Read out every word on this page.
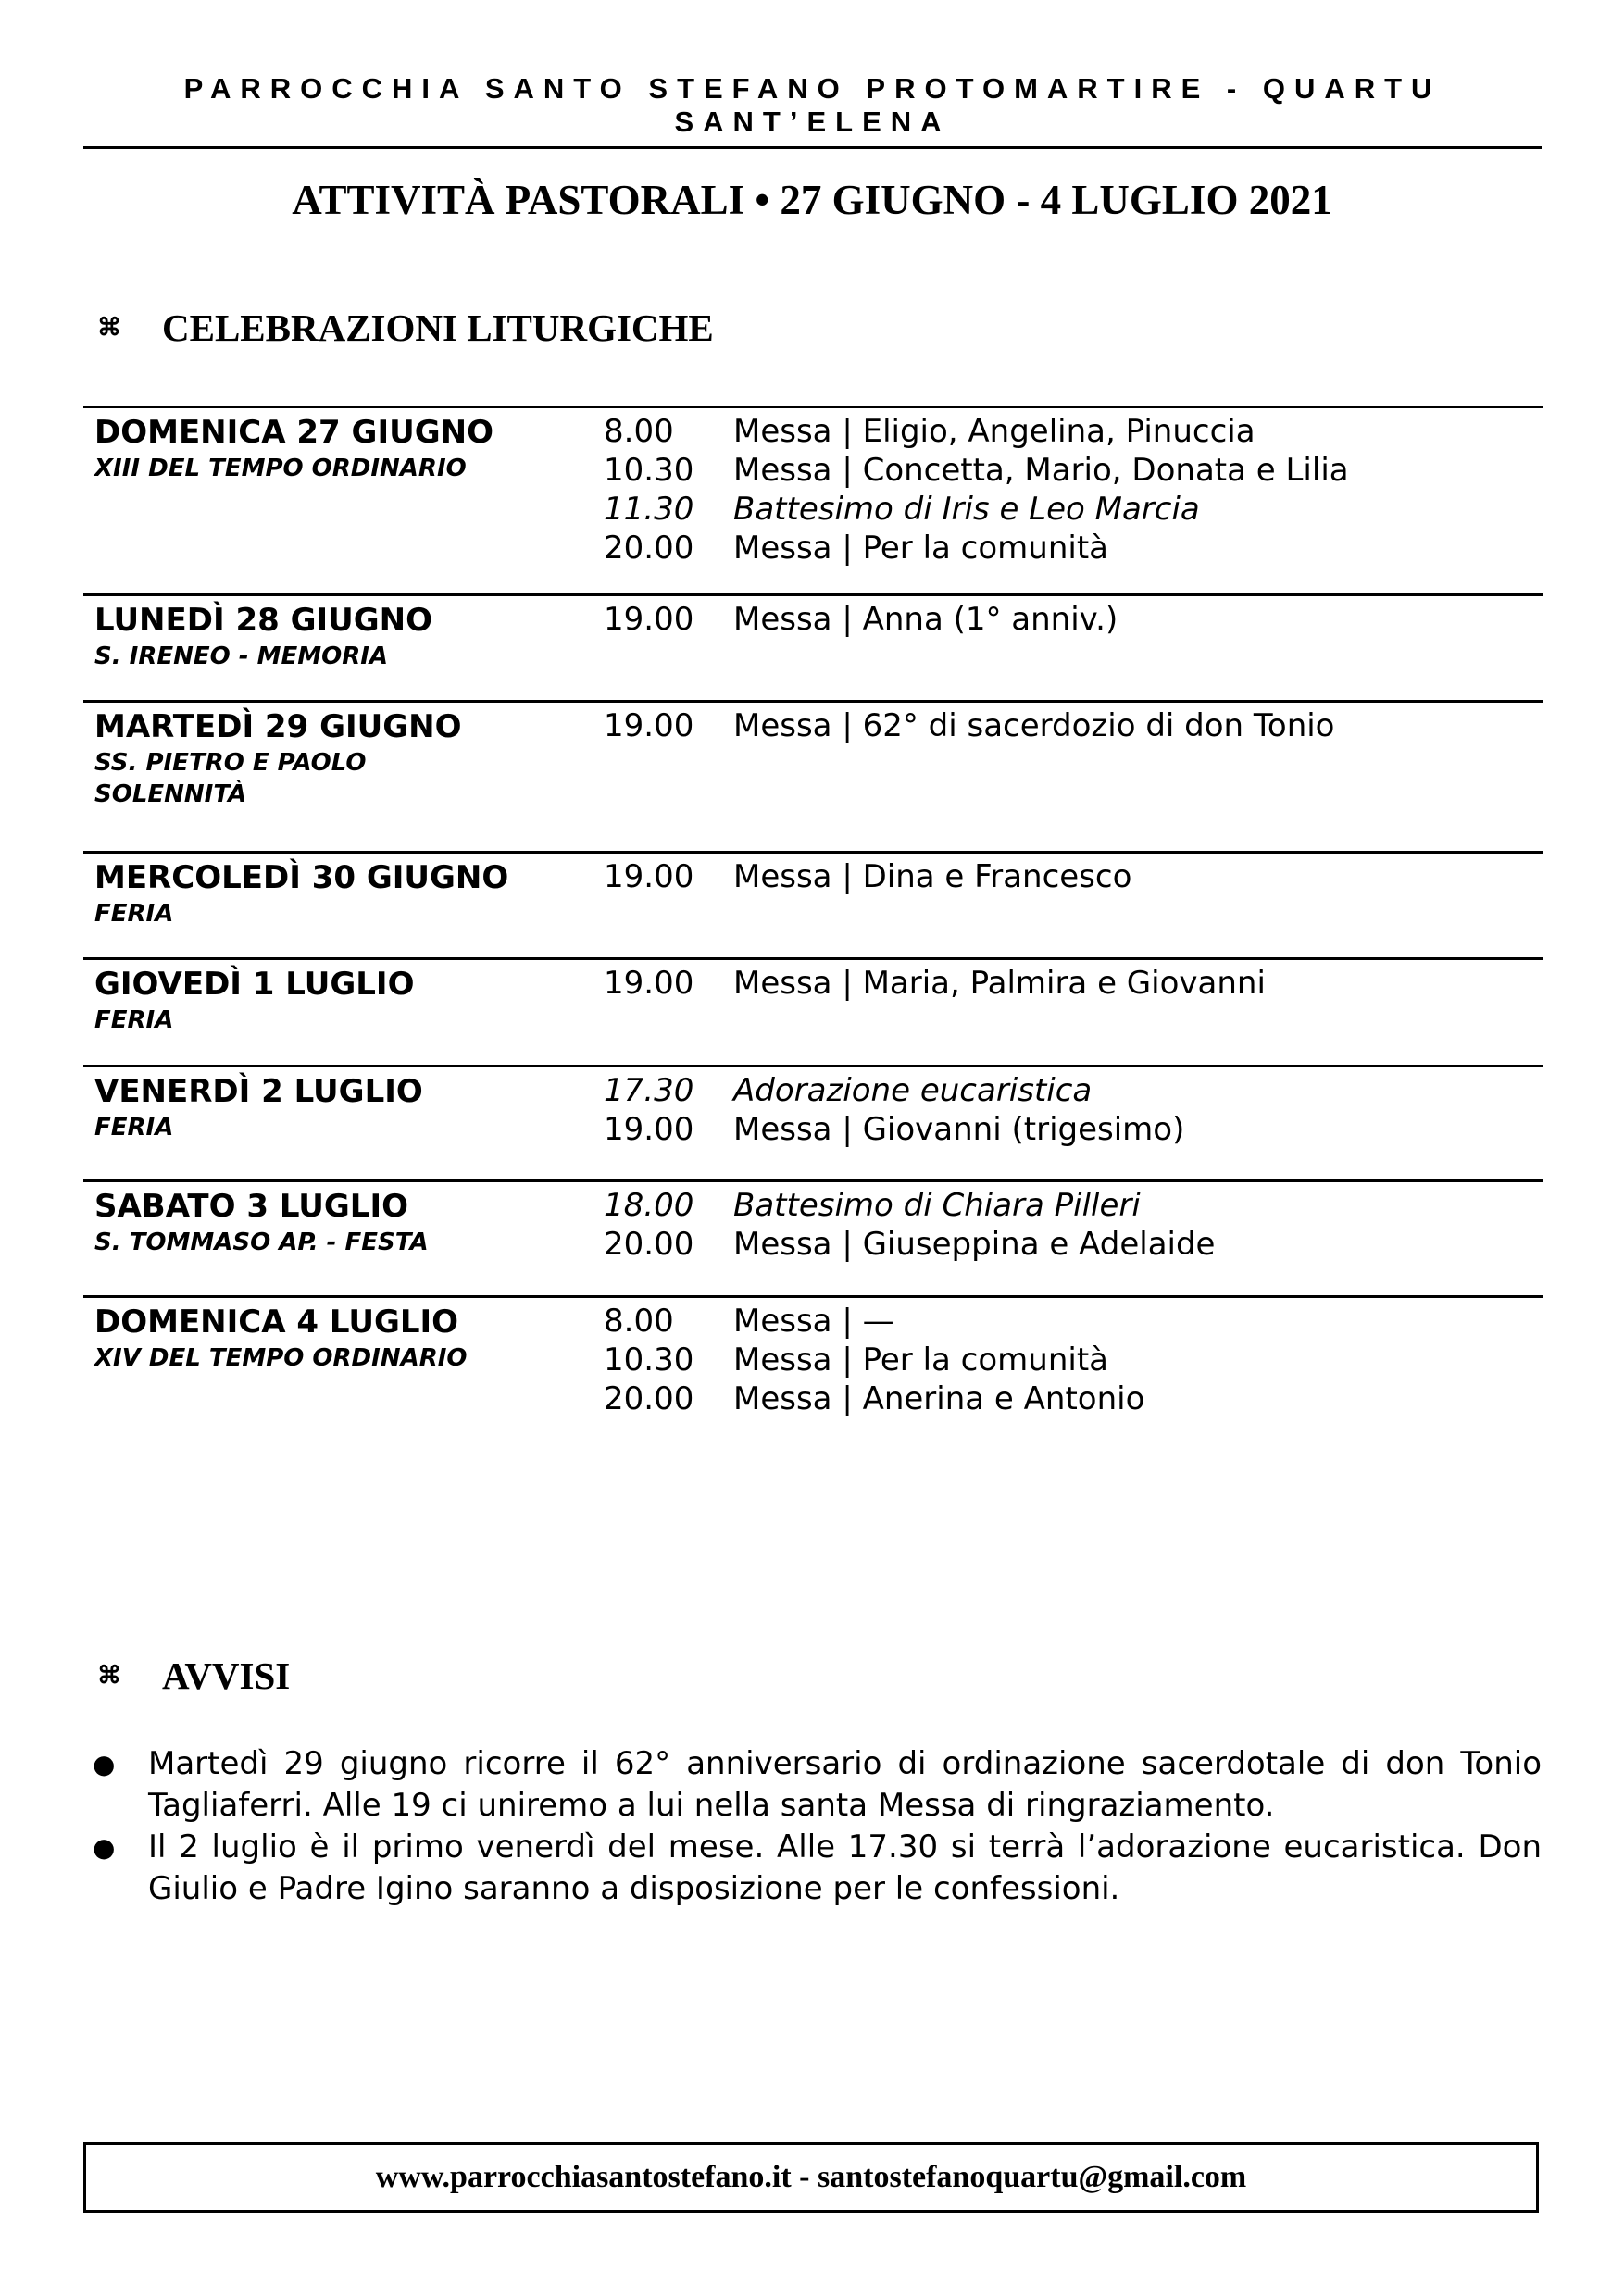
PARROCCHIA SANTO STEFANO PROTOMARTIRE - QUARTU SANT’ELENA
ATTIVITÀ PASTORALI • 27 GIUGNO - 4 LUGLIO 2021
⌘	CELEBRAZIONI LITURGICHE
DOMENICA 27 GIUGNO
XIII DEL TEMPO ORDINARIO
8.00	Messa | Eligio, Angelina, Pinuccia
10.30	Messa | Concetta, Mario, Donata e Lilia
11.30	Battesimo di Iris e Leo Marcia
20.00	Messa | Per la comunità
LUNEDÌ 28 GIUGNO
S. IRENEO - MEMORIA
19.00	Messa | Anna (1° anniv.)
MARTEDÌ 29 GIUGNO
SS. PIETRO E PAOLO
SOLENNITÀ
19.00	Messa | 62° di sacerdozio di don Tonio
MERCOLEDÌ 30 GIUGNO
FERIA
19.00	Messa | Dina e Francesco
GIOVEDÌ 1 LUGLIO
FERIA
19.00	Messa | Maria, Palmira e Giovanni
VENERDÌ 2 LUGLIO
FERIA
17.30	Adorazione eucaristica
19.00	Messa | Giovanni (trigesimo)
SABATO 3 LUGLIO
S. TOMMASO AP. - FESTA
18.00	Battesimo di Chiara Pilleri
20.00	Messa | Giuseppina e Adelaide
DOMENICA 4 LUGLIO
XIV DEL TEMPO ORDINARIO
8.00	Messa | —
10.30	Messa | Per la comunità
20.00	Messa | Anerina e Antonio
⌘	AVVISI
●	Martedì 29 giugno ricorre il 62° anniversario di ordinazione sacerdotale di don Tonio Tagliaferri. Alle 19 ci uniremo a lui nella santa Messa di ringraziamento.
●	Il 2 luglio è il primo venerdì del mese. Alle 17.30 si terrà l’adorazione eucaristica. Don Giulio e Padre Igino saranno a disposizione per le confessioni.
www.parrocchiasantostefano.it - santostefanoquartu@gmail.com
